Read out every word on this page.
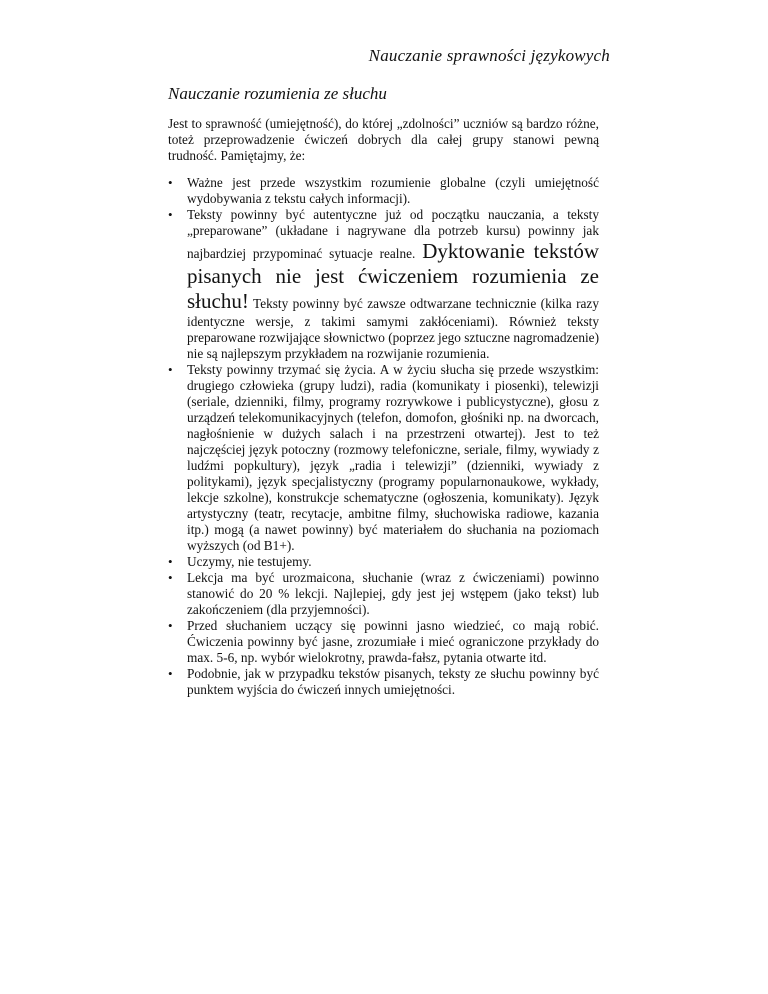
Nauczanie sprawności językowych
Nauczanie rozumienia ze słuchu

Jest to sprawność (umiejętność), do której „zdolności” uczniów są bardzo różne, toteż przeprowadzenie ćwiczeń dobrych dla całej grupy stanowi pewną trudność. Pamiętajmy, że:

• Ważne jest przede wszystkim rozumienie globalne (czyli umiejętność wydobywania z tekstu całych informacji).
• Teksty powinny być autentyczne już od początku nauczania, a teksty „preparowane” (układane i nagrywane dla potrzeb kursu) powinny jak najbardziej przypominać sytuacje realne. Dyktowanie tekstów pisanych nie jest ćwiczeniem rozumienia ze słuchu! Teksty powinny być zawsze odtwarzane technicznie (kilka razy identyczne wersje, z takimi samymi zakłóceniami). Również teksty preparowane rozwijające słownictwo (poprzez jego sztuczne nagromadzenie) nie są najlepszym przykładem na rozwijanie rozumienia.
• Teksty powinny trzymać się życia. A w życiu słucha się przede wszystkim: drugiego człowieka (grupy ludzi), radia (komunikaty i piosenki), telewizji (seriale, dzienniki, filmy, programy rozrywkowe i publicystyczne), głosu z urządzeń telekomunikacyjnych (telefon, domofon, głośniki np. na dworcach, nagłośnienie w dużych salach i na przestrzeni otwartej). Jest to też najczęściej język potoczny (rozmowy telefoniczne, seriale, filmy, wywiady z ludźmi popkultury), język „radia i telewizji” (dzienniki, wywiady z politykami), język specjalistyczny (programy popularnonaukowe, wykłady, lekcje szkolne), konstrukcje schematyczne (ogłoszenia, komunikaty). Język artystyczny (teatr, recytacje, ambitne filmy, słuchowiska radiowe, kazania itp.) mogą (a nawet powinny) być materiałem do słuchania na poziomach wyższych (od B1+).
• Uczymy, nie testujemy.
• Lekcja ma być urozmaicona, słuchanie (wraz z ćwiczeniami) powinno stanowić do 20 % lekcji. Najlepiej, gdy jest jej wstępem (jako tekst) lub zakończeniem (dla przyjemności).
• Przed słuchaniem uczący się powinni jasno wiedzieć, co mają robić. Ćwiczenia powinny być jasne, zrozumiałe i mieć ograniczone przykłady do max. 5-6, np. wybór wielokrotny, prawda-fałsz, pytania otwarte itd.
• Podobnie, jak w przypadku tekstów pisanych, teksty ze słuchu powinny być punktem wyjścia do ćwiczeń innych umiejętności.
